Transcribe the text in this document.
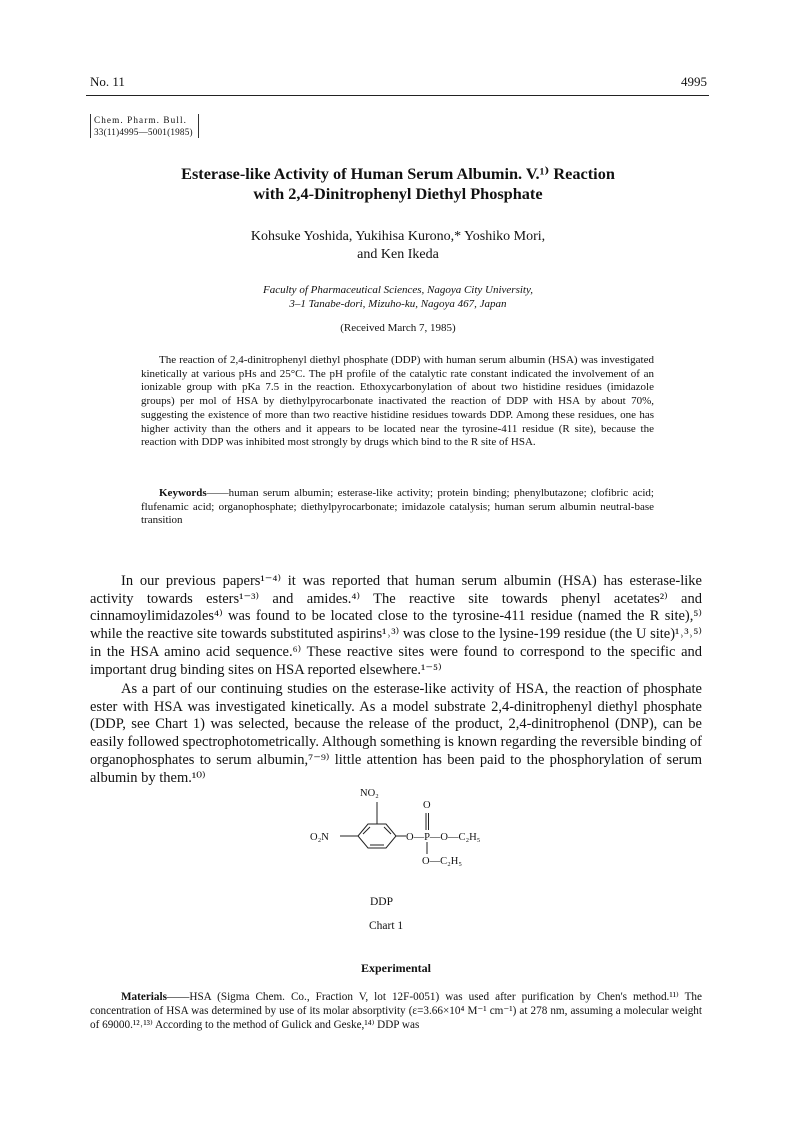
No. 11	4995
Chem. Pharm. Bull.
33(11)4995—5001(1985)
Esterase-like Activity of Human Serum Albumin. V.¹⁾ Reaction
with 2,4-Dinitrophenyl Diethyl Phosphate
Kohsuke Yoshida, Yukihisa Kurono,* Yoshiko Mori,
and Ken Ikeda
Faculty of Pharmaceutical Sciences, Nagoya City University,
3–1 Tanabe-dori, Mizuho-ku, Nagoya 467, Japan
(Received March 7, 1985)
The reaction of 2,4-dinitrophenyl diethyl phosphate (DDP) with human serum albumin (HSA) was investigated kinetically at various pHs and 25°C. The pH profile of the catalytic rate constant indicated the involvement of an ionizable group with pKa 7.5 in the reaction. Ethoxycarbonylation of about two histidine residues (imidazole groups) per mol of HSA by diethylpyrocarbonate inactivated the reaction of DDP with HSA by about 70%, suggesting the existence of more than two reactive histidine residues towards DDP. Among these residues, one has higher activity than the others and it appears to be located near the tyrosine-411 residue (R site), because the reaction with DDP was inhibited most strongly by drugs which bind to the R site of HSA.
Keywords——human serum albumin; esterase-like activity; protein binding; phenylbutazone; clofibric acid; flufenamic acid; organophosphate; diethylpyrocarbonate; imidazole catalysis; human serum albumin neutral-base transition
In our previous papers¹⁻⁴⁾ it was reported that human serum albumin (HSA) has esterase-like activity towards esters¹⁻³⁾ and amides.⁴⁾ The reactive site towards phenyl acetates²⁾ and cinnamoylimidazoles⁴⁾ was found to be located close to the tyrosine-411 residue (named the R site),⁵⁾ while the reactive site towards substituted aspirins¹˒³⁾ was close to the lysine-199 residue (the U site)¹˒³˒⁵⁾ in the HSA amino acid sequence.⁶⁾ These reactive sites were found to correspond to the specific and important drug binding sites on HSA reported elsewhere.¹⁻⁵⁾
As a part of our continuing studies on the esterase-like activity of HSA, the reaction of phosphate ester with HSA was investigated kinetically. As a model substrate 2,4-dinitrophenyl diethyl phosphate (DDP, see Chart 1) was selected, because the release of the product, 2,4-dinitrophenol (DNP), can be easily followed spectrophotometrically. Although something is known regarding the reversible binding of organophosphates to serum albumin,⁷⁻⁹⁾ little attention has been paid to the phosphorylation of serum albumin by them.¹⁰⁾
NO₂
O
O₂N	O—P—O—C₂H₅
O—C₂H₅
DDP
Chart 1
Experimental
Materials——HSA (Sigma Chem. Co., Fraction V, lot 12F-0051) was used after purification by Chen's method.¹¹⁾ The concentration of HSA was determined by use of its molar absorptivity (ε=3.66×10⁴ M⁻¹ cm⁻¹) at 278 nm, assuming a molecular weight of 69000.¹²˒¹³⁾ According to the method of Gulick and Geske,¹⁴⁾ DDP was
